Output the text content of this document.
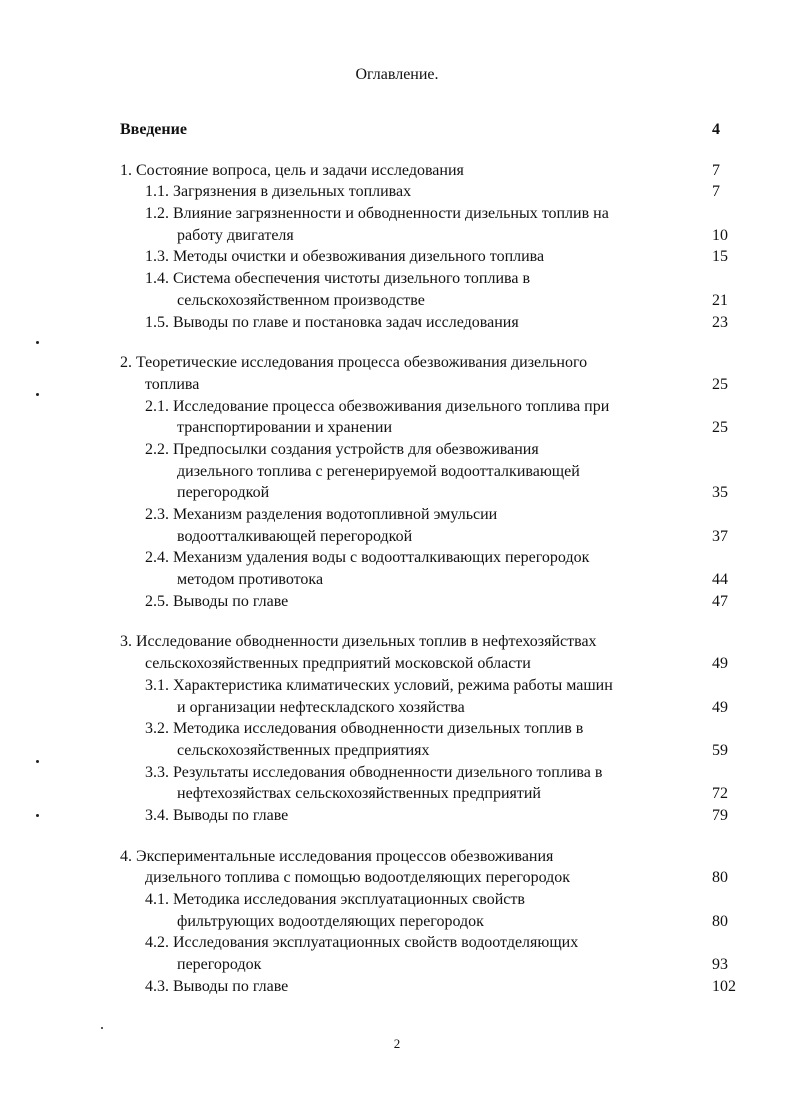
Оглавление.
Введение	4
1. Состояние вопроса, цель и задачи исследования	7
1.1. Загрязнения в дизельных топливах	7
1.2. Влияние загрязненности и обводненности дизельных топлив на
работу двигателя	10
1.3. Методы очистки и обезвоживания дизельного топлива	15
1.4. Система обеспечения чистоты дизельного топлива в
сельскохозяйственном производстве	21
1.5. Выводы по главе и постановка задач исследования	23
2. Теоретические исследования процесса обезвоживания дизельного
топлива	25
2.1. Исследование процесса обезвоживания дизельного топлива при
транспортировании и хранении	25
2.2. Предпосылки создания устройств для обезвоживания
дизельного топлива с регенерируемой водоотталкивающей
перегородкой	35
2.3. Механизм разделения водотопливной эмульсии
водоотталкивающей перегородкой	37
2.4. Механизм удаления воды с водоотталкивающих перегородок
методом противотока	44
2.5. Выводы по главе	47
3. Исследование обводненности дизельных топлив в нефтехозяйствах
сельскохозяйственных предприятий московской области	49
3.1. Характеристика климатических условий, режима работы машин
и организации нефтескладского хозяйства	49
3.2. Методика исследования обводненности дизельных топлив в
сельскохозяйственных предприятиях	59
3.3. Результаты исследования обводненности дизельного топлива в
нефтехозяйствах сельскохозяйственных предприятий	72
3.4. Выводы по главе	79
4. Экспериментальные исследования процессов обезвоживания
дизельного топлива с помощью водоотделяющих перегородок	80
4.1. Методика исследования эксплуатационных свойств
фильтрующих водоотделяющих перегородок	80
4.2. Исследования эксплуатационных свойств водоотделяющих
перегородок	93
4.3. Выводы по главе	102
2
